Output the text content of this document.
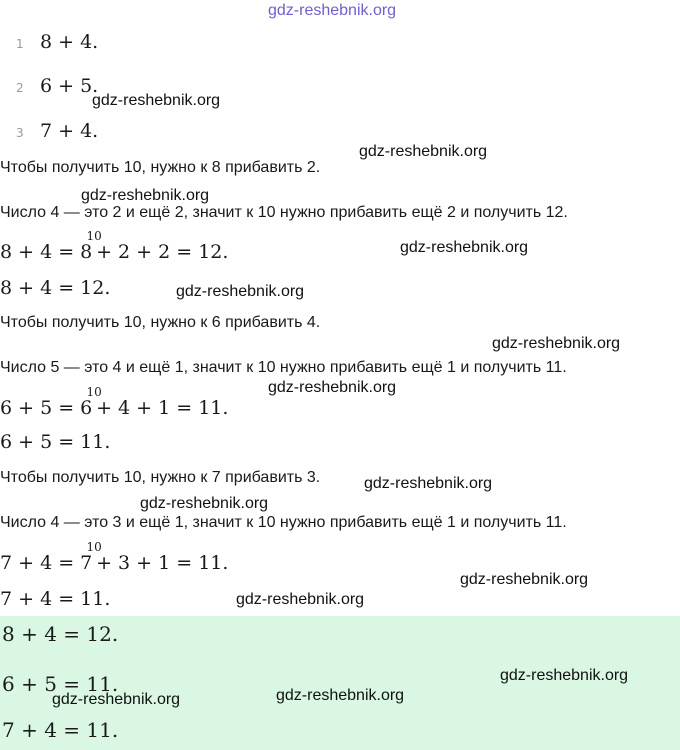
gdz-reshebnik.org
1 8 + 4.
2 6 + 5.
3 7 + 4.
Чтобы получить 10, нужно к 8 прибавить 2.
Число 4 — это 2 и ещё 2, значит к 10 нужно прибавить ещё 2 и получить 12.
8 + 4 = 8 
10
+ 2 + 2 = 12.
8 + 4 = 12.
Чтобы получить 10, нужно к 6 прибавить 4.
Число 5 — это 4 и ещё 1, значит к 10 нужно прибавить ещё 1 и получить 11.
6 + 5 = 6 
10
+ 4 + 1 = 11.
6 + 5 = 11.
Чтобы получить 10, нужно к 7 прибавить 3.
Число 4 — это 3 и ещё 1, значит к 10 нужно прибавить ещё 1 и получить 11.
7 + 4 = 7 
10
+ 3 + 1 = 11.
7 + 4 = 11.
8 + 4 = 12.
6 + 5 = 11.
7 + 4 = 11.
gdz-reshebnik.org
gdz-reshebnik.org
gdz-reshebnik.org
gdz-reshebnik.org
gdz-reshebnik.org
gdz-reshebnik.org
gdz-reshebnik.org
gdz-reshebnik.org
gdz-reshebnik.org
gdz-reshebnik.org
gdz-reshebnik.org
gdz-reshebnik.org
gdz-reshebnik.org
gdz-reshebnik.org
